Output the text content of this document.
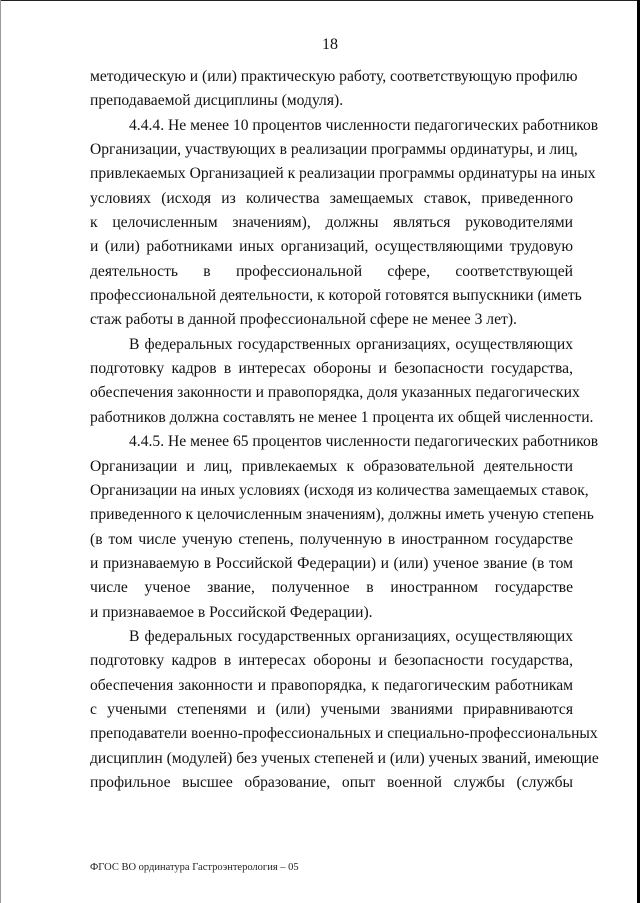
18
методическую и (или) практическую работу, соответствующую профилю
преподаваемой дисциплины (модуля).
4.4.4. Не менее 10 процентов численности педагогических работников
Организации, участвующих в реализации программы ординатуры, и лиц,
привлекаемых Организацией к реализации программы ординатуры на иных
условиях (исходя из количества замещаемых ставок, приведенного
к целочисленным значениям), должны являться руководителями
и (или) работниками иных организаций, осуществляющими трудовую
деятельность в профессиональной сфере, соответствующей
профессиональной деятельности, к которой готовятся выпускники (иметь
стаж работы в данной профессиональной сфере не менее 3 лет).
В федеральных государственных организациях, осуществляющих
подготовку кадров в интересах обороны и безопасности государства,
обеспечения законности и правопорядка, доля указанных педагогических
работников должна составлять не менее 1 процента их общей численности.
4.4.5. Не менее 65 процентов численности педагогических работников
Организации и лиц, привлекаемых к образовательной деятельности
Организации на иных условиях (исходя из количества замещаемых ставок,
приведенного к целочисленным значениям), должны иметь ученую степень
(в том числе ученую степень, полученную в иностранном государстве
и признаваемую в Российской Федерации) и (или) ученое звание (в том
числе ученое звание, полученное в иностранном государстве
и признаваемое в Российской Федерации).
В федеральных государственных организациях, осуществляющих
подготовку кадров в интересах обороны и безопасности государства,
обеспечения законности и правопорядка, к педагогическим работникам
с учеными степенями и (или) учеными званиями приравниваются
преподаватели военно-профессиональных и специально-профессиональных
дисциплин (модулей) без ученых степеней и (или) ученых званий, имеющие
профильное высшее образование, опыт военной службы (службы
ФГОС ВО ординатура Гастроэнтерология – 05
